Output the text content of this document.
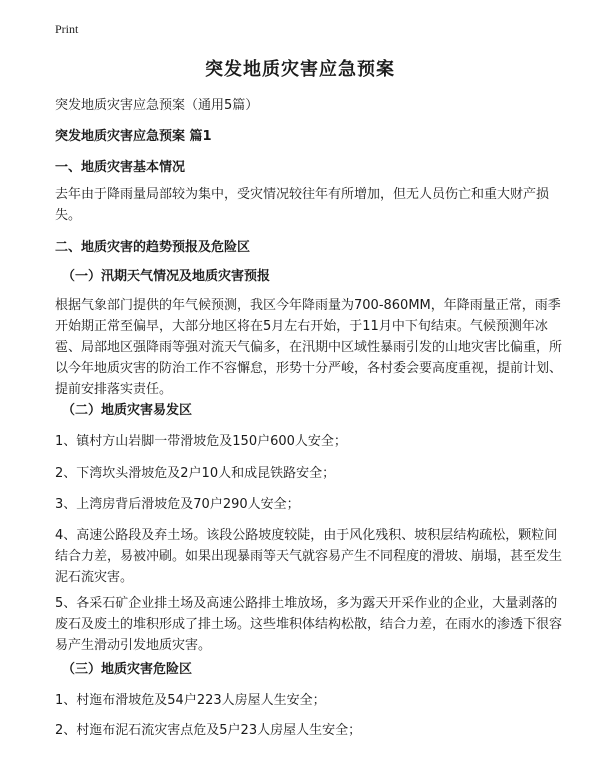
Print
突发地质灾害应急预案
突发地质灾害应急预案（通用5篇）
突发地质灾害应急预案 篇1
一、地质灾害基本情况
去年由于降雨量局部较为集中，受灾情况较往年有所增加，但无人员伤亡和重大财产损失。
二、地质灾害的趋势预报及危险区
（一）汛期天气情况及地质灾害预报
根据气象部门提供的年气候预测，我区今年降雨量为700-860MM，年降雨量正常，雨季开始期正常至偏早，大部分地区将在5月左右开始，于11月中下旬结束。气候预测年冰雹、局部地区强降雨等强对流天气偏多，在汛期中区域性暴雨引发的山地灾害比偏重，所以今年地质灾害的防治工作不容懈怠，形势十分严峻，各村委会要高度重视，提前计划、提前安排落实责任。
（二）地质灾害易发区
1、镇村方山岩脚一带滑坡危及150户600人安全；
2、下湾坎头滑坡危及2户10人和成昆铁路安全；
3、上湾房背后滑坡危及70户290人安全；
4、高速公路段及弃土场。该段公路坡度较陡，由于风化残积、坡积层结构疏松，颗粒间结合力差，易被冲刷。如果出现暴雨等天气就容易产生不同程度的滑坡、崩塌，甚至发生泥石流灾害。
5、各采石矿企业排土场及高速公路排土堆放场，多为露天开采作业的企业，大量剥落的废石及废土的堆积形成了排土场。这些堆积体结构松散，结合力差，在雨水的渗透下很容易产生滑动引发地质灾害。
（三）地质灾害危险区
1、村迤布滑坡危及54户223人房屋人生安全；
2、村迤布泥石流灾害点危及5户23人房屋人生安全；
